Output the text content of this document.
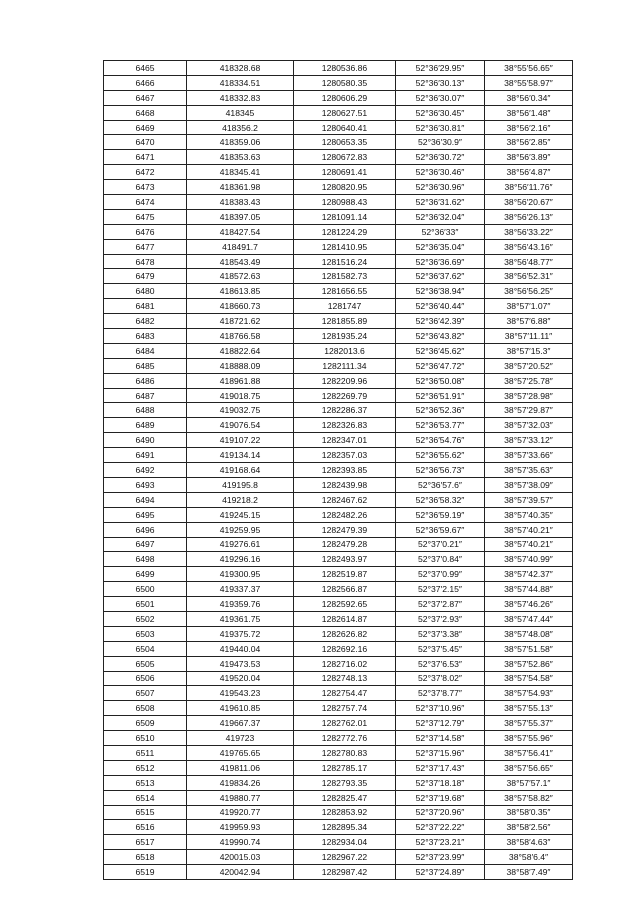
6465	418328.68	1280536.86	52°36′29.95″	38°55′56.65″
6466	418334.51	1280580.35	52°36′30.13″	38°55′58.97″
6467	418332.83	1280606.29	52°36′30.07″	38°56′0.34″
6468	418345	1280627.51	52°36′30.45″	38°56′1.48″
6469	418356.2	1280640.41	52°36′30.81″	38°56′2.16″
6470	418359.06	1280653.35	52°36′30.9″	38°56′2.85″
6471	418353.63	1280672.83	52°36′30.72″	38°56′3.89″
6472	418345.41	1280691.41	52°36′30.46″	38°56′4.87″
6473	418361.98	1280820.95	52°36′30.96″	38°56′11.76″
6474	418383.43	1280988.43	52°36′31.62″	38°56′20.67″
6475	418397.05	1281091.14	52°36′32.04″	38°56′26.13″
6476	418427.54	1281224.29	52°36′33″	38°56′33.22″
6477	418491.7	1281410.95	52°36′35.04″	38°56′43.16″
6478	418543.49	1281516.24	52°36′36.69″	38°56′48.77″
6479	418572.63	1281582.73	52°36′37.62″	38°56′52.31″
6480	418613.85	1281656.55	52°36′38.94″	38°56′56.25″
6481	418660.73	1281747	52°36′40.44″	38°57′1.07″
6482	418721.62	1281855.89	52°36′42.39″	38°57′6.88″
6483	418766.58	1281935.24	52°36′43.82″	38°57′11.11″
6484	418822.64	1282013.6	52°36′45.62″	38°57′15.3″
6485	418888.09	1282111.34	52°36′47.72″	38°57′20.52″
6486	418961.88	1282209.96	52°36′50.08″	38°57′25.78″
6487	419018.75	1282269.79	52°36′51.91″	38°57′28.98″
6488	419032.75	1282286.37	52°36′52.36″	38°57′29.87″
6489	419076.54	1282326.83	52°36′53.77″	38°57′32.03″
6490	419107.22	1282347.01	52°36′54.76″	38°57′33.12″
6491	419134.14	1282357.03	52°36′55.62″	38°57′33.66″
6492	419168.64	1282393.85	52°36′56.73″	38°57′35.63″
6493	419195.8	1282439.98	52°36′57.6″	38°57′38.09″
6494	419218.2	1282467.62	52°36′58.32″	38°57′39.57″
6495	419245.15	1282482.26	52°36′59.19″	38°57′40.35″
6496	419259.95	1282479.39	52°36′59.67″	38°57′40.21″
6497	419276.61	1282479.28	52°37′0.21″	38°57′40.21″
6498	419296.16	1282493.97	52°37′0.84″	38°57′40.99″
6499	419300.95	1282519.87	52°37′0.99″	38°57′42.37″
6500	419337.37	1282566.87	52°37′2.15″	38°57′44.88″
6501	419359.76	1282592.65	52°37′2.87″	38°57′46.26″
6502	419361.75	1282614.87	52°37′2.93″	38°57′47.44″
6503	419375.72	1282626.82	52°37′3.38″	38°57′48.08″
6504	419440.04	1282692.16	52°37′5.45″	38°57′51.58″
6505	419473.53	1282716.02	52°37′6.53″	38°57′52.86″
6506	419520.04	1282748.13	52°37′8.02″	38°57′54.58″
6507	419543.23	1282754.47	52°37′8.77″	38°57′54.93″
6508	419610.85	1282757.74	52°37′10.96″	38°57′55.13″
6509	419667.37	1282762.01	52°37′12.79″	38°57′55.37″
6510	419723	1282772.76	52°37′14.58″	38°57′55.96″
6511	419765.65	1282780.83	52°37′15.96″	38°57′56.41″
6512	419811.06	1282785.17	52°37′17.43″	38°57′56.65″
6513	419834.26	1282793.35	52°37′18.18″	38°57′57.1″
6514	419880.77	1282825.47	52°37′19.68″	38°57′58.82″
6515	419920.77	1282853.92	52°37′20.96″	38°58′0.35″
6516	419959.93	1282895.34	52°37′22.22″	38°58′2.56″
6517	419990.74	1282934.04	52°37′23.21″	38°58′4.63″
6518	420015.03	1282967.22	52°37′23.99″	38°58′6.4″
6519	420042.94	1282987.42	52°37′24.89″	38°58′7.49″
